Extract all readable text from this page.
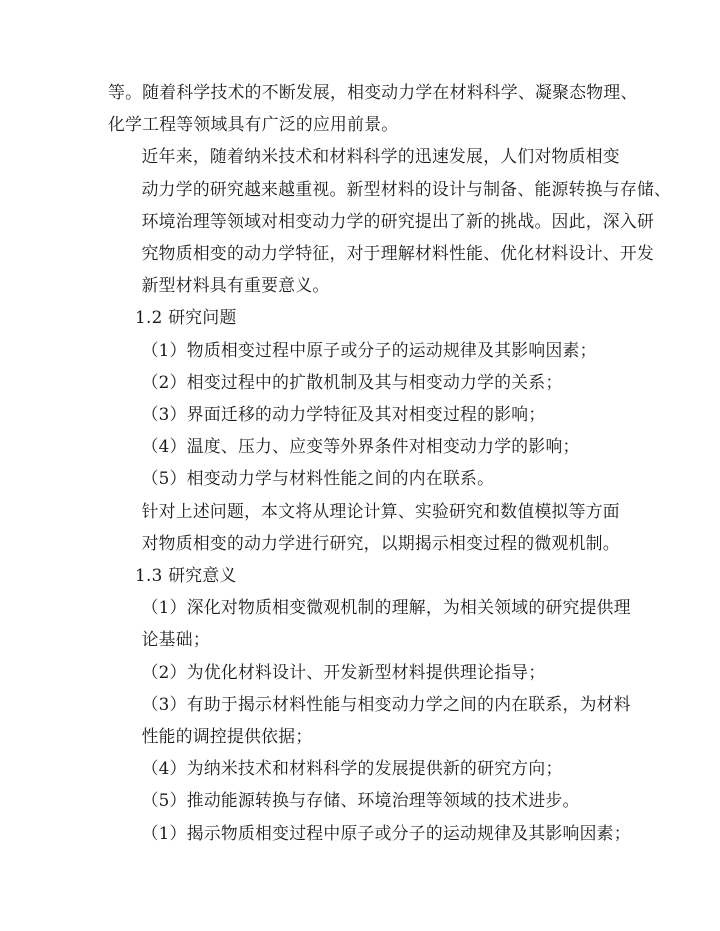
等。随着科学技术的不断发展，相变动力学在材料科学、凝聚态物理、
化学工程等领域具有广泛的应用前景。

近年来，随着纳米技术和材料科学的迅速发展，人们对物质相变
动力学的研究越来越重视。新型材料的设计与制备、能源转换与存储、
环境治理等领域对相变动力学的研究提出了新的挑战。因此，深入研
究物质相变的动力学特征，对于理解材料性能、优化材料设计、开发
新型材料具有重要意义。

1.2 研究问题

（1）物质相变过程中原子或分子的运动规律及其影响因素；

（2）相变过程中的扩散机制及其与相变动力学的关系；

（3）界面迁移的动力学特征及其对相变过程的影响；

（4）温度、压力、应变等外界条件对相变动力学的影响；

（5）相变动力学与材料性能之间的内在联系。

针对上述问题，本文将从理论计算、实验研究和数值模拟等方面
对物质相变的动力学进行研究，以期揭示相变过程的微观机制。

1.3 研究意义

（1）深化对物质相变微观机制的理解，为相关领域的研究提供理
论基础；

（2）为优化材料设计、开发新型材料提供理论指导；

（3）有助于揭示材料性能与相变动力学之间的内在联系，为材料
性能的调控提供依据；

（4）为纳米技术和材料科学的发展提供新的研究方向；

（5）推动能源转换与存储、环境治理等领域的技术进步。

（1）揭示物质相变过程中原子或分子的运动规律及其影响因素；
